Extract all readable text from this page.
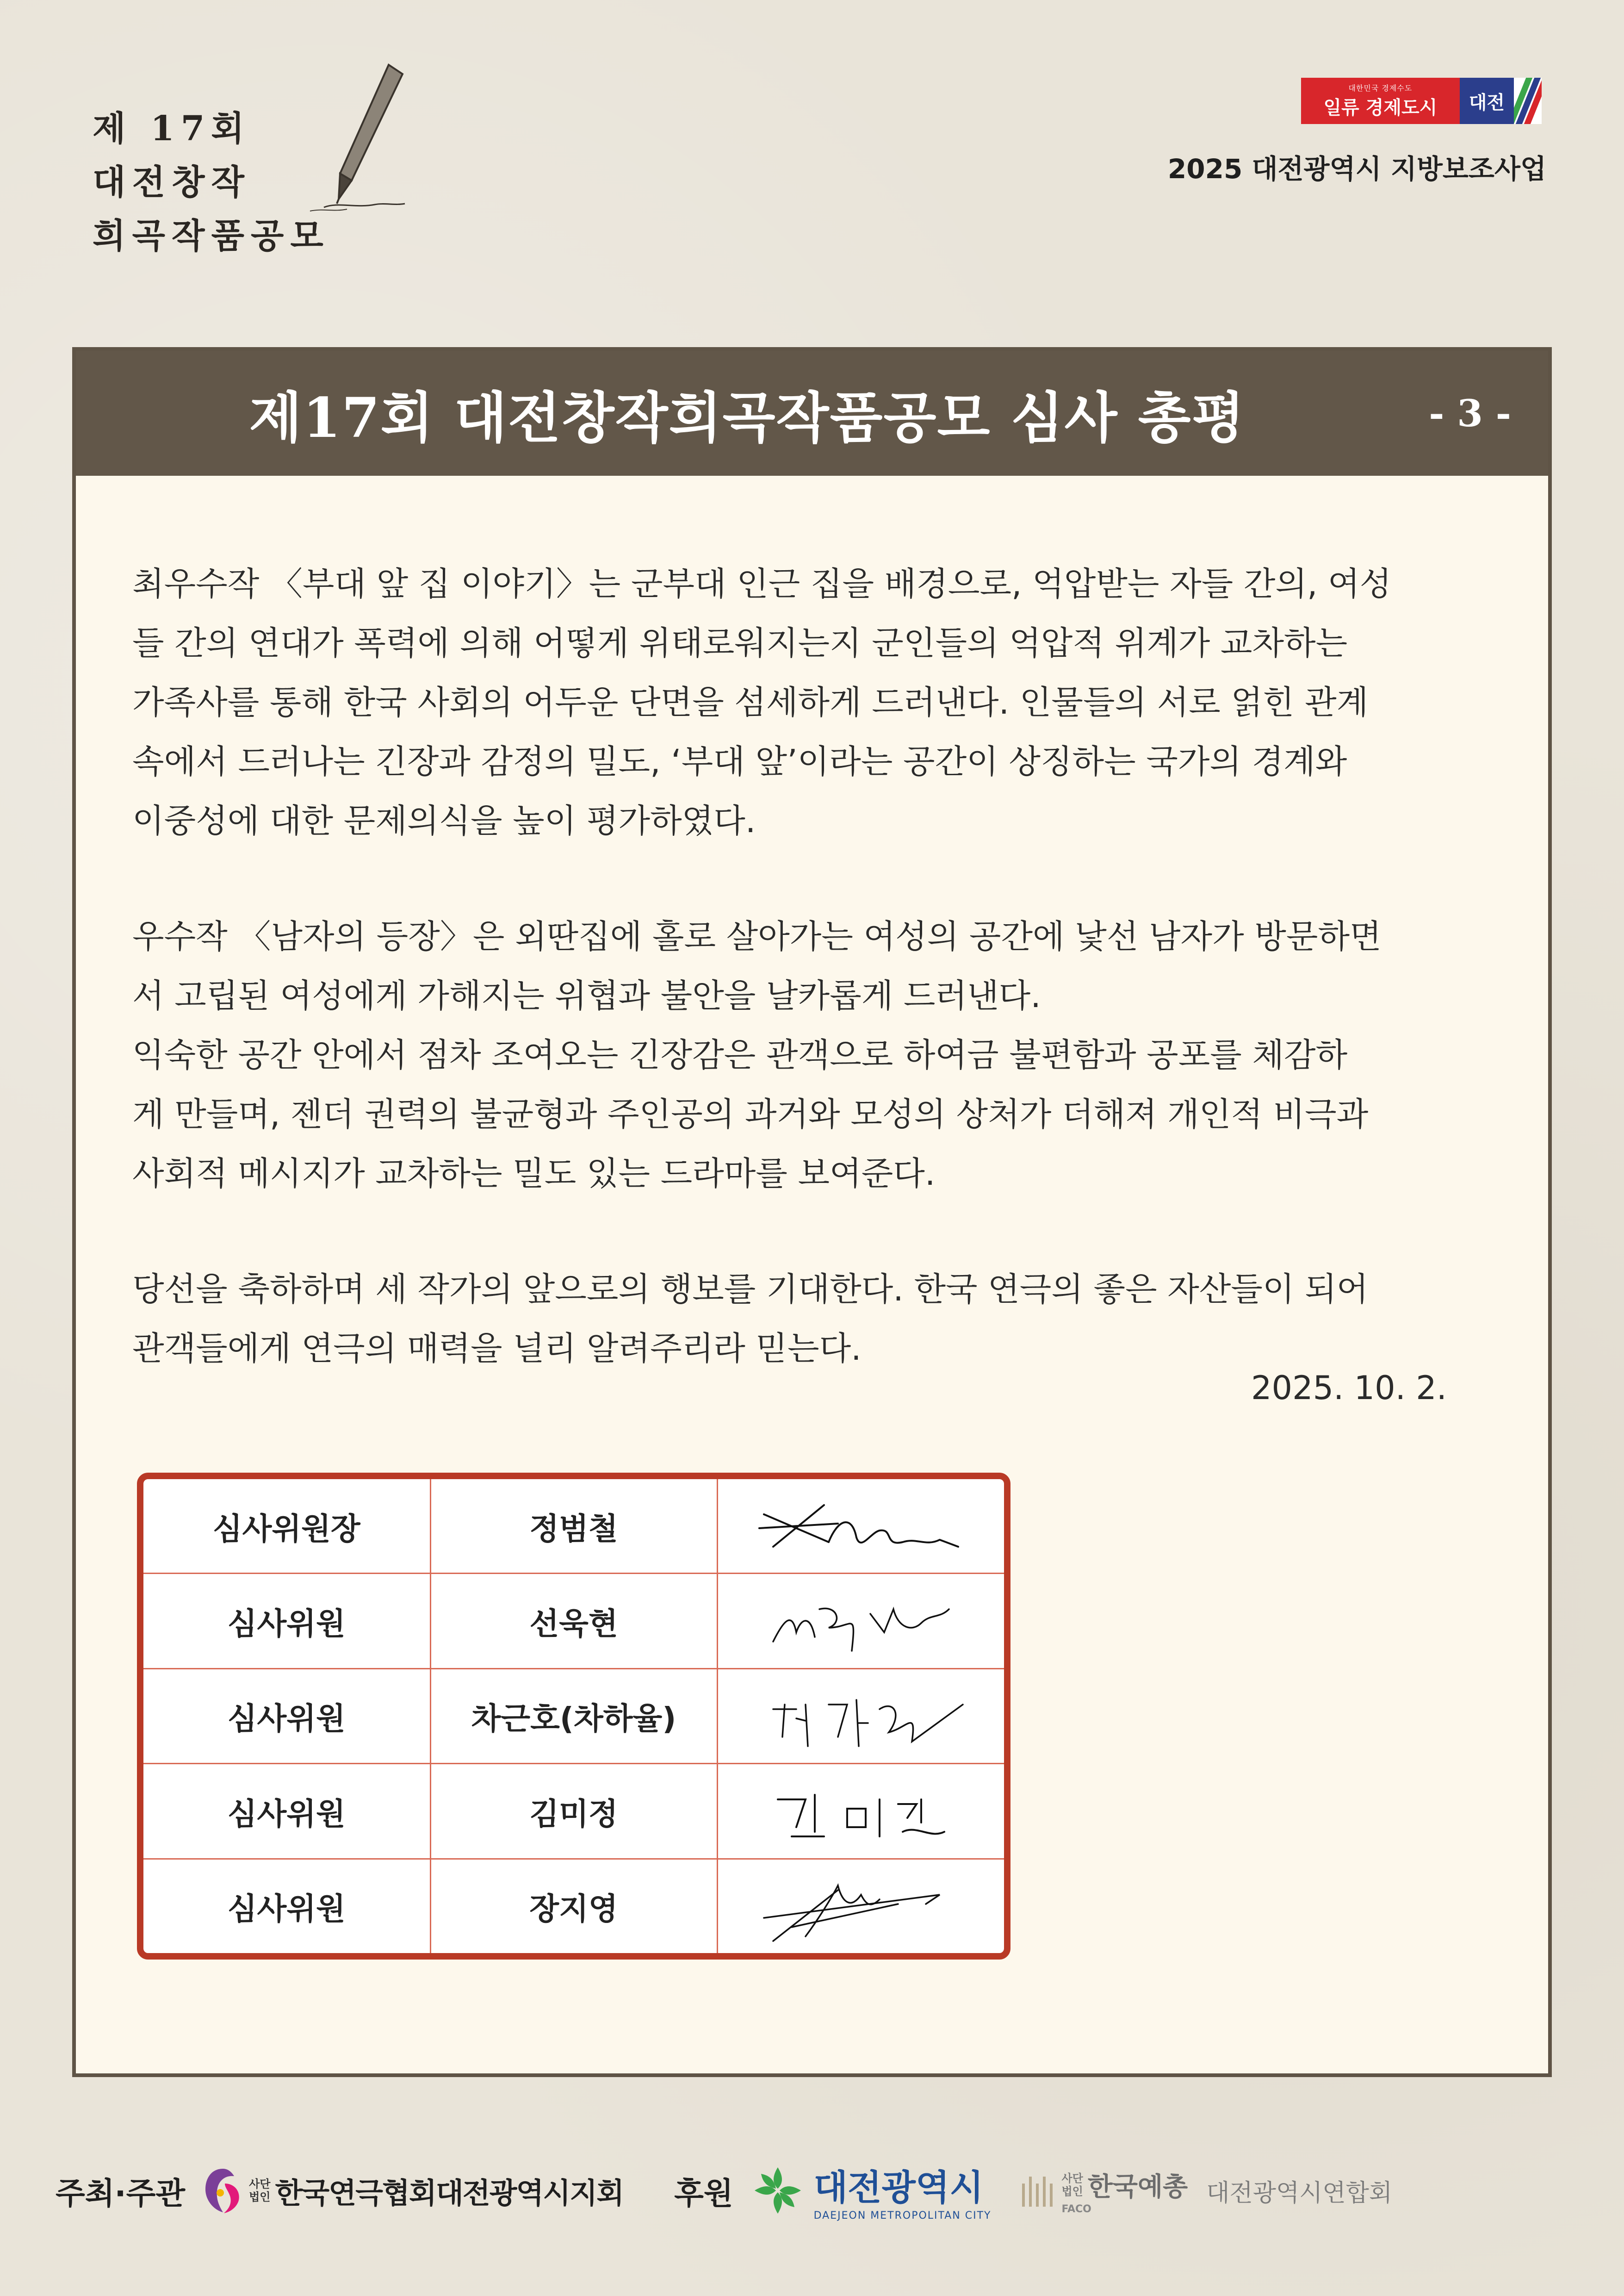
제 17회
대전창작
희곡작품공모
대한민국 경제수도
일류 경제도시	대전
2025 대전광역시 지방보조사업
제17회 대전창작희곡작품공모 심사 총평	- 3 -

최우수작 〈부대 앞 집 이야기〉는 군부대 인근 집을 배경으로, 억압받는 자들 간의, 여성
들 간의 연대가 폭력에 의해 어떻게 위태로워지는지 군인들의 억압적 위계가 교차하는
가족사를 통해 한국 사회의 어두운 단면을 섬세하게 드러낸다. 인물들의 서로 얽힌 관계
속에서 드러나는 긴장과 감정의 밀도, ‘부대 앞’이라는 공간이 상징하는 국가의 경계와
이중성에 대한 문제의식을 높이 평가하였다.

우수작 〈남자의 등장〉은 외딴집에 홀로 살아가는 여성의 공간에 낯선 남자가 방문하면
서 고립된 여성에게 가해지는 위협과 불안을 날카롭게 드러낸다.

익숙한 공간 안에서 점차 조여오는 긴장감은 관객으로 하여금 불편함과 공포를 체감하
게 만들며, 젠더 권력의 불균형과 주인공의 과거와 모성의 상처가 더해져 개인적 비극과
사회적 메시지가 교차하는 밀도 있는 드라마를 보여준다.

당선을 축하하며 세 작가의 앞으로의 행보를 기대한다. 한국 연극의 좋은 자산들이 되어
관객들에게 연극의 매력을 널리 알려주리라 믿는다.

2025. 10. 2.
심사위원장	정범철	

심사위원	선욱현	

심사위원	차근호(차하율)	

심사위원	김미정	

심사위원	장지영	
주최·주관	사단
법인 한국연극협회대전광역시지회 후원 대전광역시
DAEJEON METROPOLITAN CITY
사단
법인 한국예총
FACO
대전광역시연합회
